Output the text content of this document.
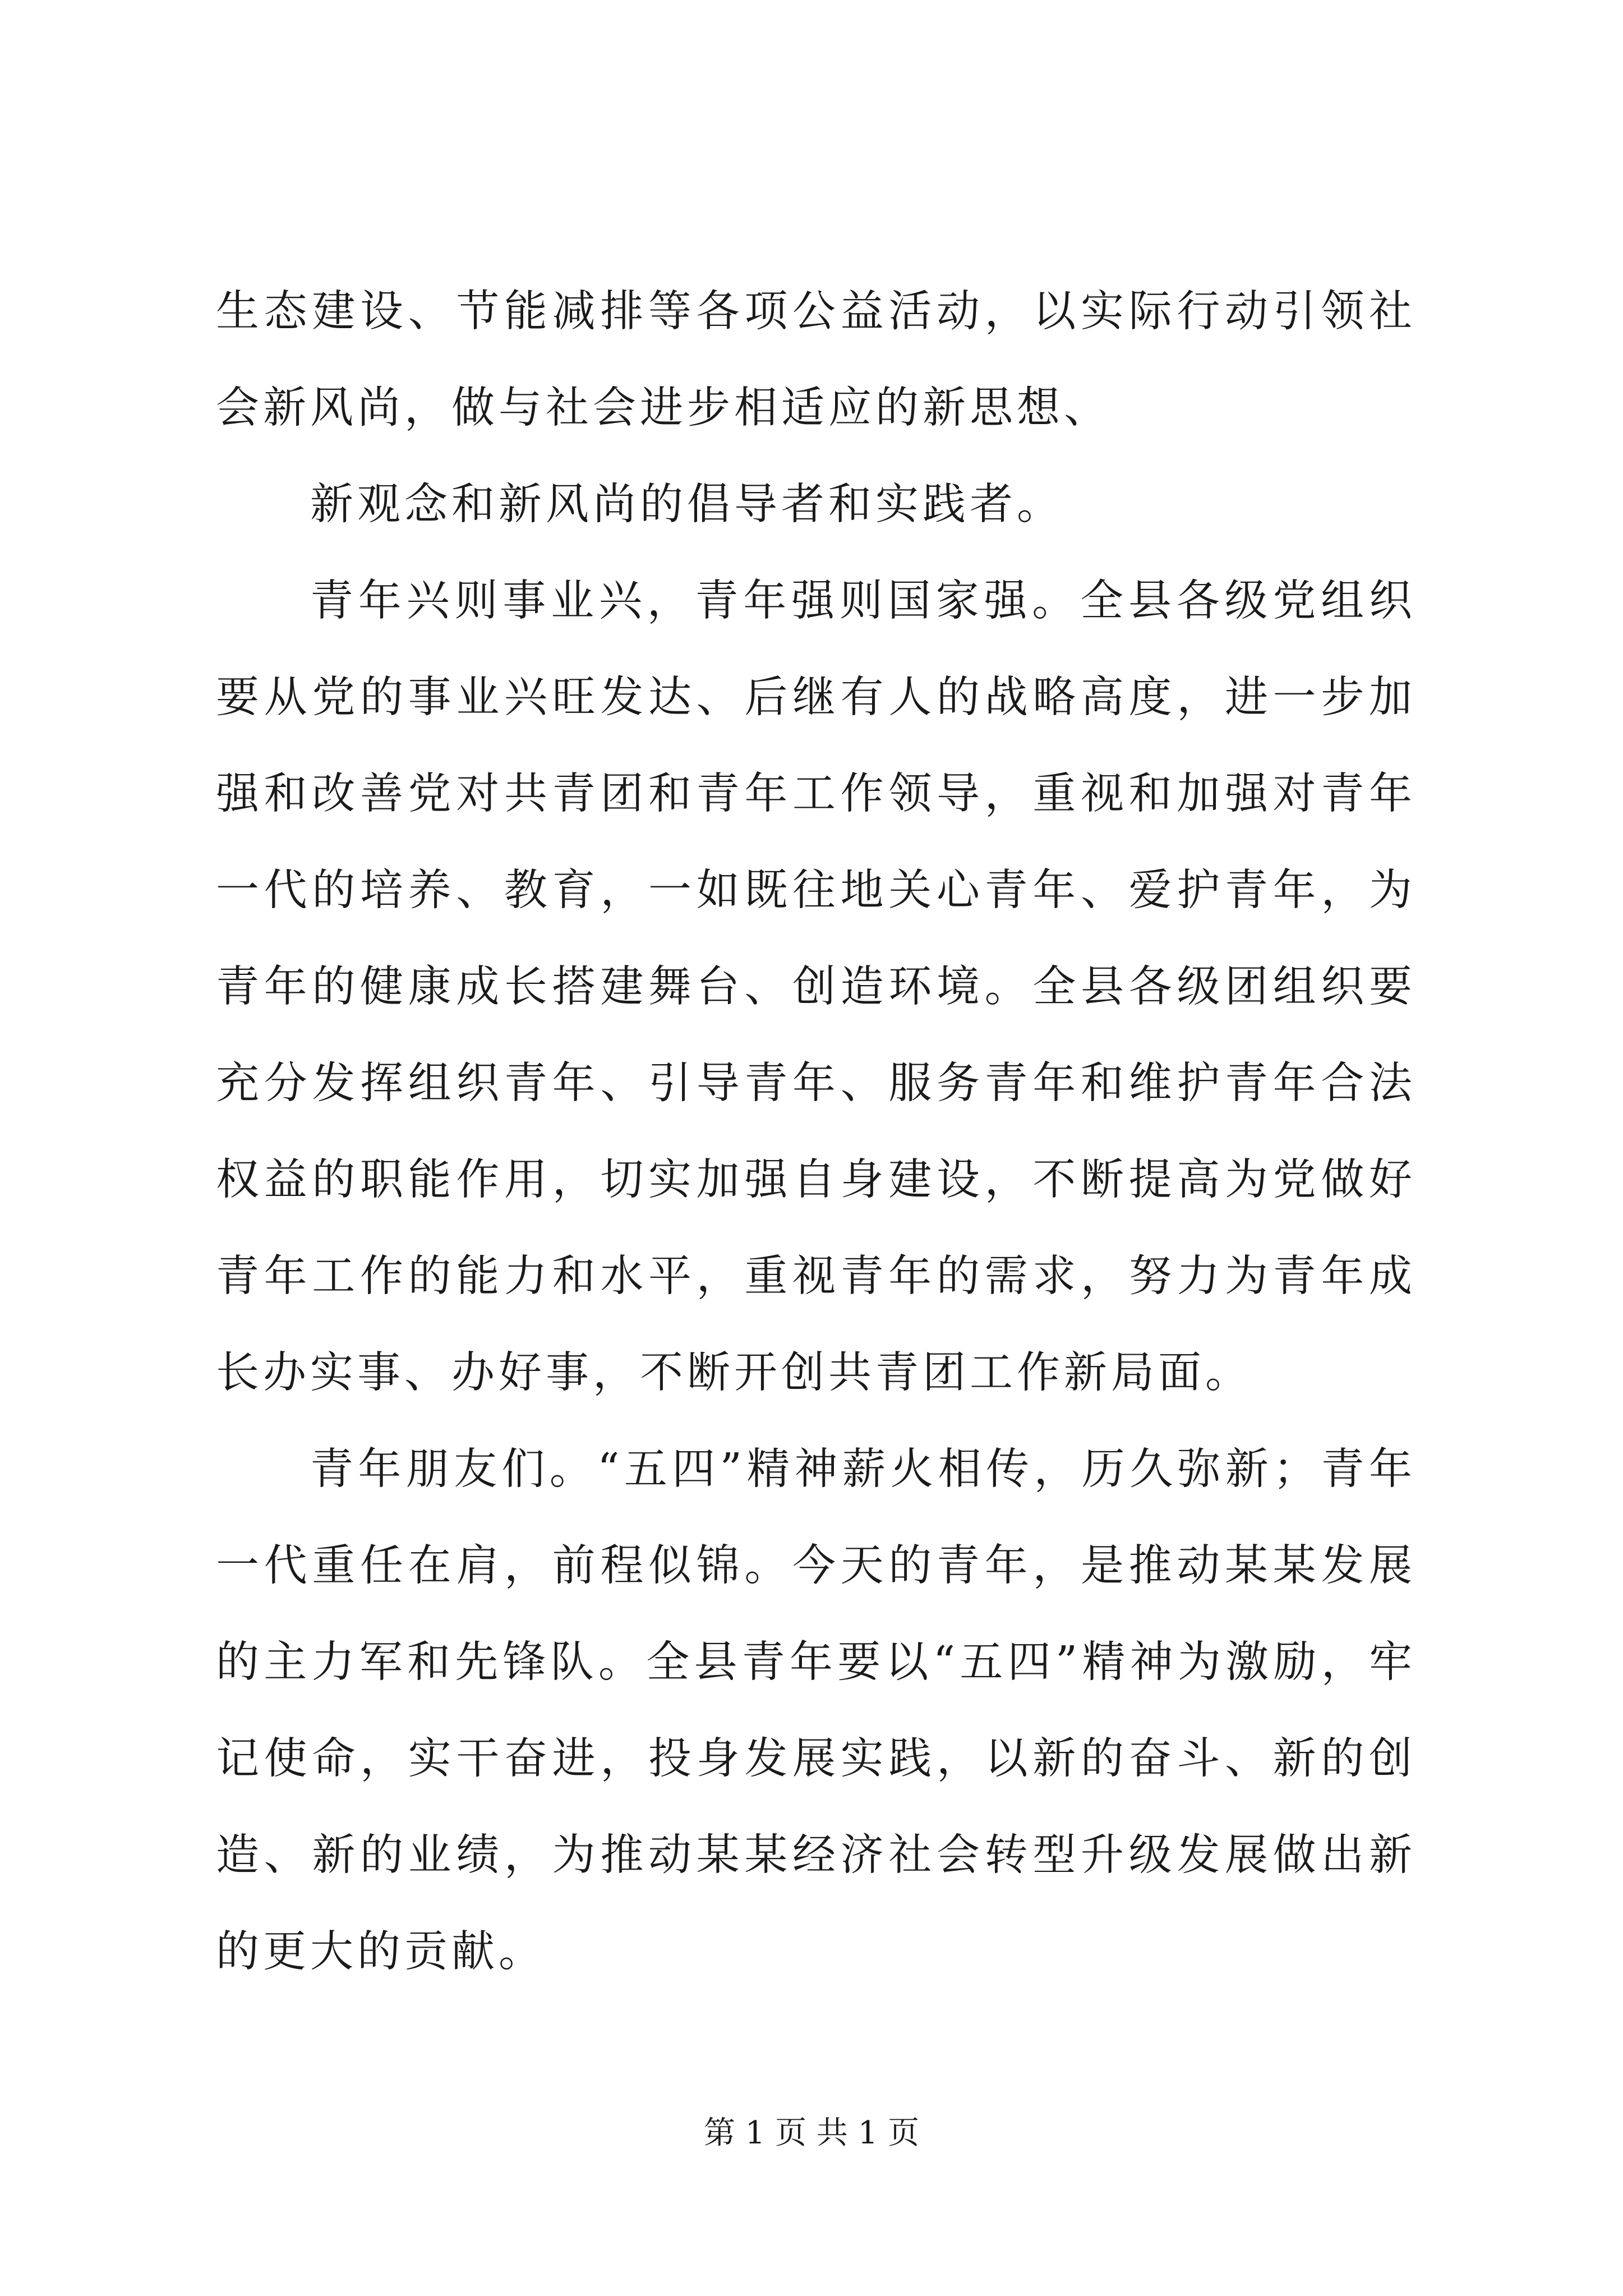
生态建设、节能减排等各项公益活动，以实际行动引领社会新风尚，做与社会进步相适应的新思想、

新观念和新风尚的倡导者和实践者。

青年兴则事业兴，青年强则国家强。全县各级党组织要从党的事业兴旺发达、后继有人的战略高度，进一步加强和改善党对共青团和青年工作领导，重视和加强对青年一代的培养、教育，一如既往地关心青年、爱护青年，为青年的健康成长搭建舞台、创造环境。全县各级团组织要充分发挥组织青年、引导青年、服务青年和维护青年合法权益的职能作用，切实加强自身建设，不断提高为党做好青年工作的能力和水平，重视青年的需求，努力为青年成长办实事、办好事，不断开创共青团工作新局面。

青年朋友们。“五四”精神薪火相传，历久弥新；青年一代重任在肩，前程似锦。今天的青年，是推动某某发展的主力军和先锋队。全县青年要以“五四”精神为激励，牢记使命，实干奋进，投身发展实践，以新的奋斗、新的创造、新的业绩，为推动某某经济社会转型升级发展做出新的更大的贡献。

第 1 页 共 1 页
